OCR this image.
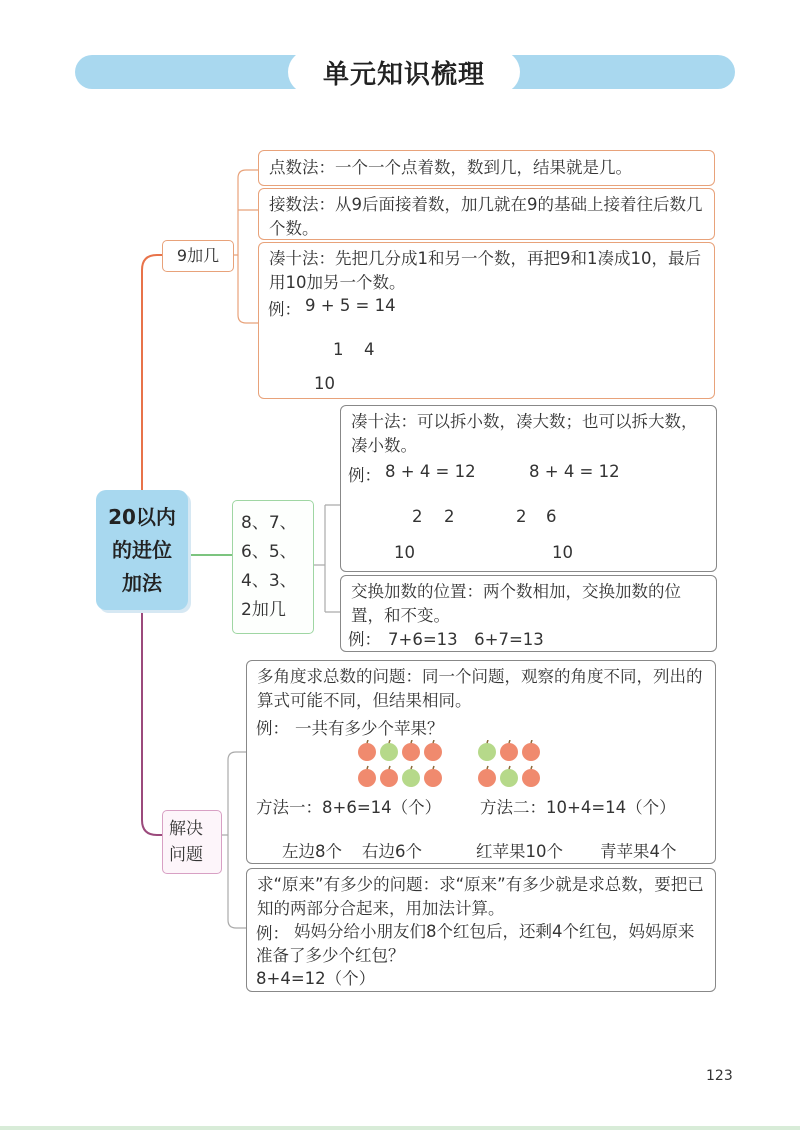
单元知识梳理
20以内
的进位
加法
9加几
点数法：一个一个点着数，数到几，结果就是几。
接数法：从9后面接着数，加几就在9的基础上接着往后数几个数。
凑十法：先把几分成1和另一个数，再把9和1凑成10，最后用10加另一个数。
例： 9 + 5 = 14
1 4
10
8、7、
6、5、
4、3、
2加几
凑十法：可以拆小数，凑大数；也可以拆大数，凑小数。
例： 8 + 4 = 12
2 2
10
8 + 4 = 12
2 6
10
交换加数的位置：两个数相加，交换加数的位置，和不变。
例： 7+6=13　6+7=13
解决
问题
多角度求总数的问题：同一个问题，观察的角度不同，列出的算式可能不同，但结果相同。
例： 一共有多少个苹果？
方法一：8+6=14（个） 方法二：10+4=14（个）
左边8个 右边6个	红苹果10个 青苹果4个
求“原来”有多少的问题：求“原来”有多少就是求总数，要把已知的两部分合起来，用加法计算。
例： 妈妈分给小朋友们8个红包后，还剩4个红包，妈妈原来准备了多少个红包？
8+4=12（个）
123
